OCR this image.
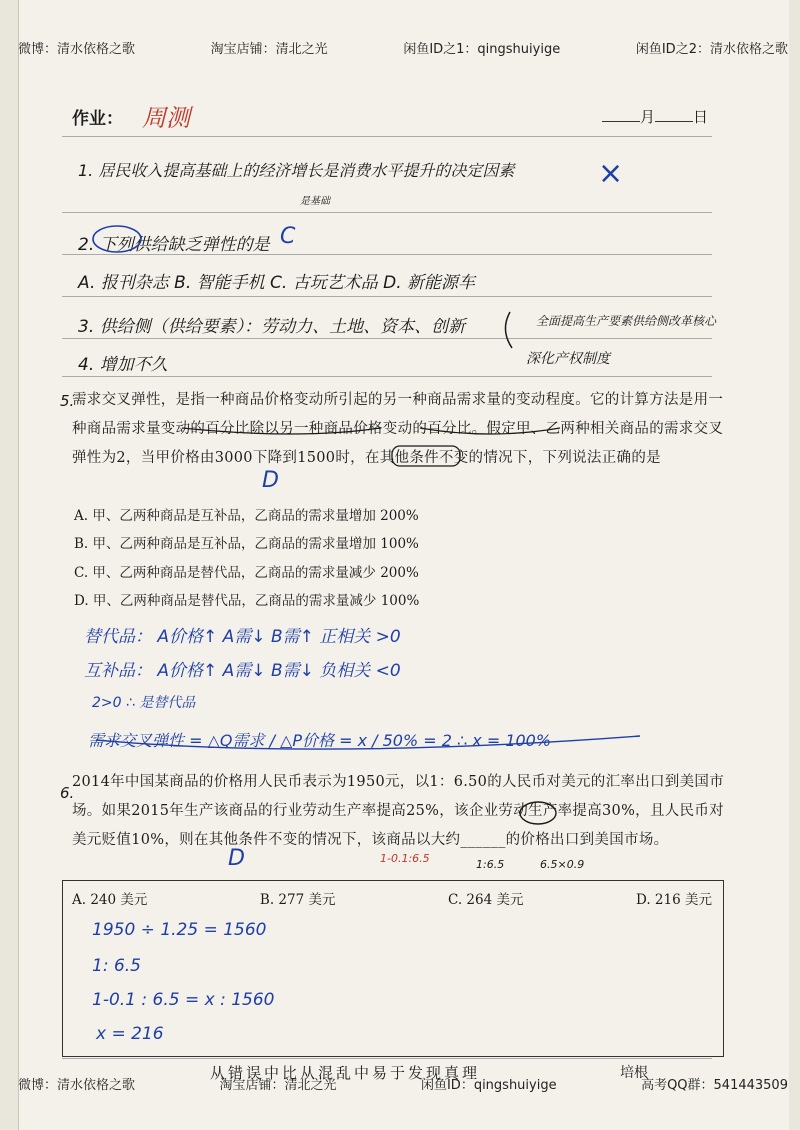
微博：清水依格之歌	淘宝店铺：清北之光	闲鱼ID之1：qingshuiyige	闲鱼ID之2：清水依格之歌
作业： 周测	月	日
1. 居民收入提高基础上的经济增长是消费水平提升的决定因素
是基础
×
2. 下列供给缺乏弹性的是 C
A. 报刊杂志 B. 智能手机 C. 古玩艺术品 D. 新能源车
3. 供给侧（供给要素）：劳动力、土地、资本、创新	全面提高生产要素供给侧改革核心
4. 增加不久	深化产权制度
5.
需求交叉弹性，是指一种商品价格变动所引起的另一种商品需求量的变动程度。它的计算方法是用一种商品需求量变动的百分比除以另一种商品价格变动的百分比。假定甲、乙两种相关商品的需求交叉弹性为2，当甲价格由3000下降到1500时，在其他条件不变的情况下，下列说法正确的是
D
A. 甲、乙两种商品是互补品，乙商品的需求量增加 200%
B. 甲、乙两种商品是互补品，乙商品的需求量增加 100%
C. 甲、乙两种商品是替代品，乙商品的需求量减少 200%
D. 甲、乙两种商品是替代品，乙商品的需求量减少 100%
替代品： A价格↑ A需↓ B需↑ 正相关 >0
互补品： A价格↑ A需↓ B需↓ 负相关 <0
2>0 ∴ 是替代品
需求交叉弹性 = △Q需求 / △P价格 = x / 50% = 2 ∴ x = 100%
6.
2014年中国某商品的价格用人民币表示为1950元，以1：6.50的人民币对美元的汇率出口到美国市场。如果2015年生产该商品的行业劳动生产率提高25%，该企业劳动生产率提高30%，且人民币对美元贬值10%，则在其他条件不变的情况下，该商品以大约______的价格出口到美国市场。
D	1-0.1:6.5	1:6.5	6.5×0.9
A. 240 美元	B. 277 美元	C. 264 美元	D. 216 美元
1950 ÷ 1.25 = 1560
1: 6.5
1-0.1 : 6.5 = x : 1560
x = 216
从错误中比从混乱中易于发现真理	培根
微博：清水依格之歌	淘宝店铺：清北之光	闲鱼ID：qingshuiyige	高考QQ群：541443509
